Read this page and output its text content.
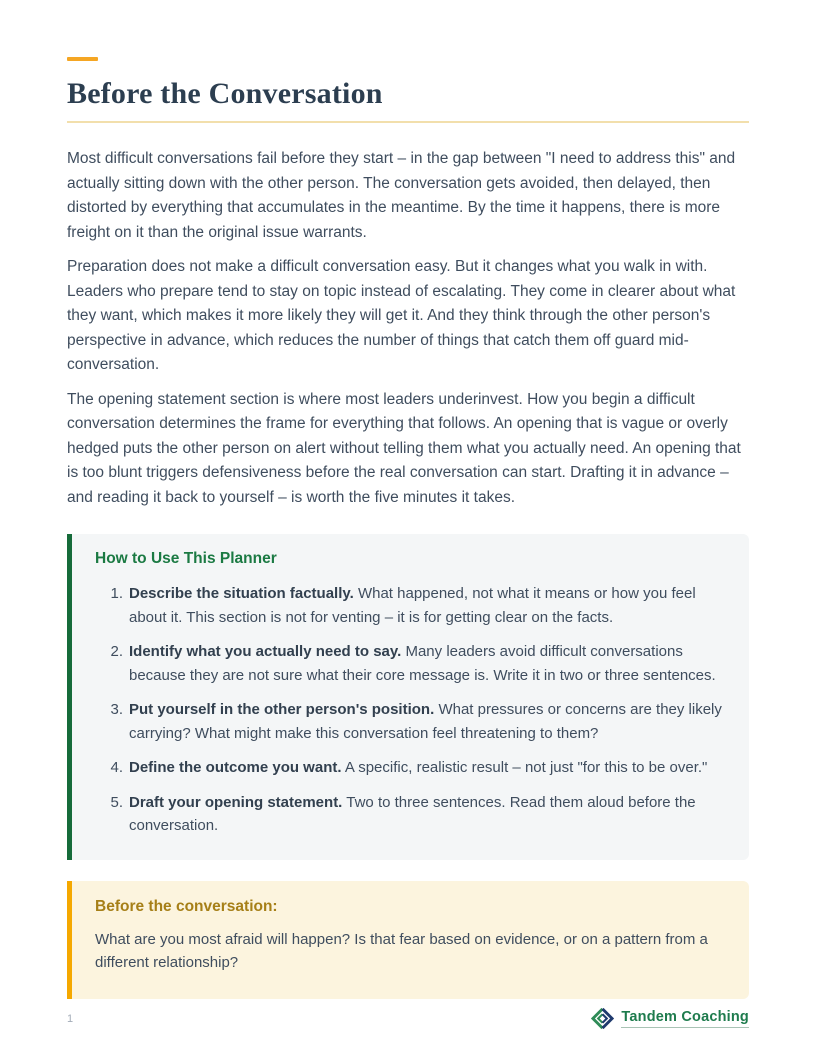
Before the Conversation

Most difficult conversations fail before they start – in the gap between "I need to address this" and actually sitting down with the other person. The conversation gets avoided, then delayed, then distorted by everything that accumulates in the meantime. By the time it happens, there is more freight on it than the original issue warrants.

Preparation does not make a difficult conversation easy. But it changes what you walk in with. Leaders who prepare tend to stay on topic instead of escalating. They come in clearer about what they want, which makes it more likely they will get it. And they think through the other person's perspective in advance, which reduces the number of things that catch them off guard mid-conversation.

The opening statement section is where most leaders underinvest. How you begin a difficult conversation determines the frame for everything that follows. An opening that is vague or overly hedged puts the other person on alert without telling them what you actually need. An opening that is too blunt triggers defensiveness before the real conversation can start. Drafting it in advance – and reading it back to yourself – is worth the five minutes it takes.

How to Use This Planner
1. Describe the situation factually. What happened, not what it means or how you feel about it. This section is not for venting – it is for getting clear on the facts.
2. Identify what you actually need to say. Many leaders avoid difficult conversations because they are not sure what their core message is. Write it in two or three sentences.
3. Put yourself in the other person's position. What pressures or concerns are they likely carrying? What might make this conversation feel threatening to them?
4. Define the outcome you want. A specific, realistic result – not just "for this to be over."
5. Draft your opening statement. Two to three sentences. Read them aloud before the conversation.
Before the conversation:
What are you most afraid will happen? Is that fear based on evidence, or on a pattern from a different relationship?
1	Tandem Coaching
